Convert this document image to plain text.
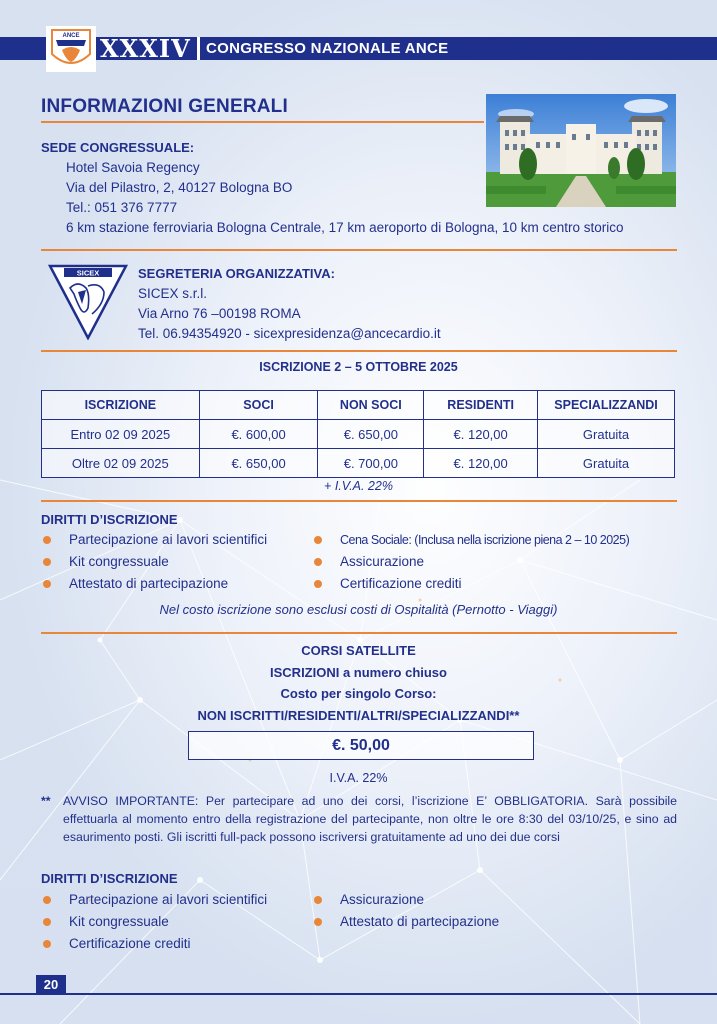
ANCE XXXIV CONGRESSO NAZIONALE ANCE
INFORMAZIONI GENERALI
SEDE CONGRESSUALE:
Hotel Savoia Regency
Via del Pilastro, 2, 40127 Bologna BO
Tel.: 051 376 7777
6 km stazione ferroviaria Bologna Centrale, 17 km aeroporto di Bologna, 10 km centro storico
SICEX	SEGRETERIA ORGANIZZATIVA:
SICEX s.r.l.
Via Arno 76 –00198 ROMA
Tel. 06.94354920 - sicexpresidenza@ancecardio.it
ISCRIZIONE 2 – 5 OTTOBRE 2025
ISCRIZIONE	SOCI	NON SOCI	RESIDENTI	SPECIALIZZANDI
Entro 02 09 2025	€. 600,00	€. 650,00	€. 120,00	Gratuita
Oltre 02 09 2025	€. 650,00	€. 700,00	€. 120,00	Gratuita
+ I.V.A. 22%
DIRITTI D’ISCRIZIONE
Partecipazione ai lavori scientifici
Kit congressuale
Attestato di partecipazione
Cena Sociale: (Inclusa nella iscrizione piena 2 – 10 2025)
Assicurazione
Certificazione crediti
Nel costo iscrizione sono esclusi costi di Ospitalità (Pernotto - Viaggi)
CORSI SATELLITE
ISCRIZIONI a numero chiuso
Costo per singolo Corso:
NON ISCRITTI/RESIDENTI/ALTRI/SPECIALIZZANDI**
€. 50,00
I.V.A. 22%
** AVVISO IMPORTANTE: Per partecipare ad uno dei corsi, l’iscrizione E’ OBBLIGATORIA. Sarà possibile effettuarla al momento entro della registrazione del partecipante, non oltre le ore 8:30 del 03/10/25, e sino ad esaurimento posti. Gli iscritti full-pack possono iscriversi gratuitamente ad uno dei due corsi
DIRITTI D’ISCRIZIONE
Partecipazione ai lavori scientifici
Kit congressuale
Certificazione crediti
Assicurazione
Attestato di partecipazione
20
